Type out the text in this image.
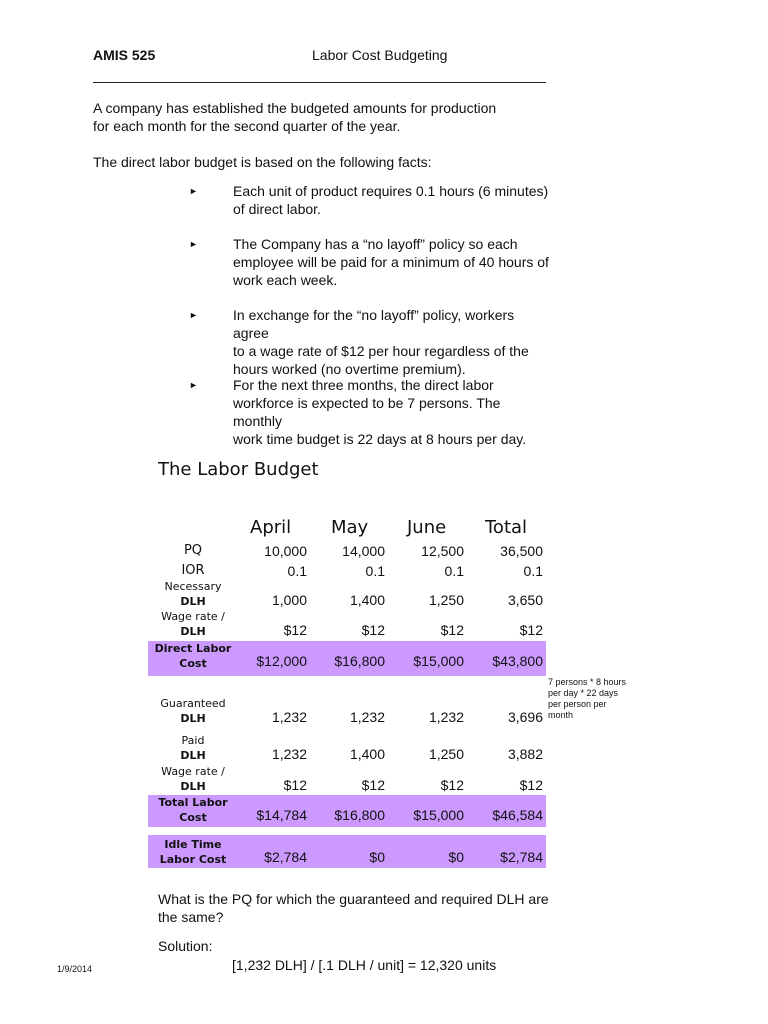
AMIS 525	Labor Cost Budgeting
A company has established the budgeted amounts for production
for each month for the second quarter of the year.
The direct labor budget is based on the following facts:
►	Each unit of product requires 0.1 hours (6 minutes)
of direct labor.
►	The Company has a “no layoff” policy so each
employee will be paid for a minimum of 40 hours of
work each week.
►	In exchange for the “no layoff” policy, workers agree
to a wage rate of $12 per hour regardless of the
hours worked (no overtime premium).
►	For the next three months, the direct labor
workforce is expected to be 7 persons. The monthly
work time budget is 22 days at 8 hours per day.
The Labor Budget
April May June Total
PQ	10,000	14,000	12,500	36,500
IOR	0.1	0.1	0.1	0.1
Necessary
DLH	1,000	1,400	1,250	3,650
Wage rate /
DLH	$12	$12	$12	$12
Direct Labor
Cost	$12,000	$16,800	$15,000	$43,800
7 persons * 8 hours
per day * 22 days
per person per
month
Guaranteed
DLH	1,232	1,232	1,232	3,696
Paid
DLH	1,232	1,400	1,250	3,882
Wage rate /
DLH	$12	$12	$12	$12
Total Labor
Cost	$14,784	$16,800	$15,000	$46,584
Idle Time
Labor Cost	$2,784	$0	$0	$2,784
What is the PQ for which the guaranteed and required DLH are
the same?
Solution:
[1,232 DLH] / [.1 DLH / unit] = 12,320 units
1/9/2014
